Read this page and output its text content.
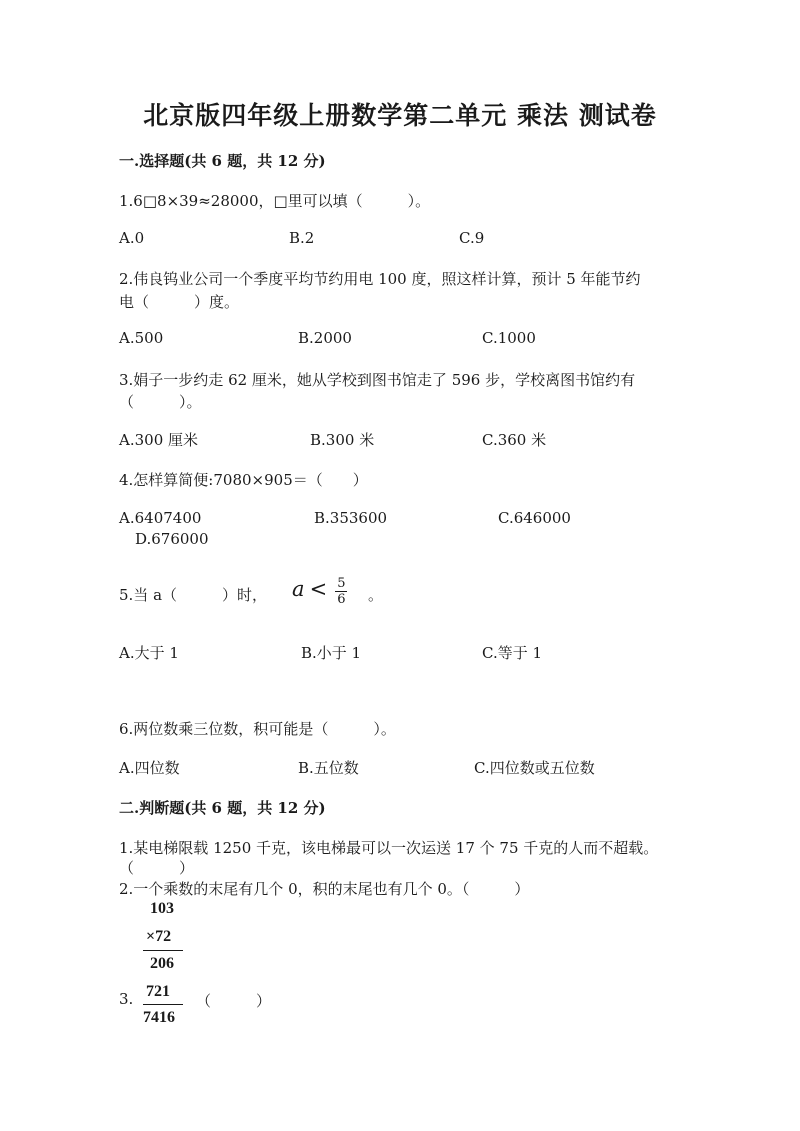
北京版四年级上册数学第二单元 乘法 测试卷
一.选择题(共 6 题，共 12 分)
1.6□8×39≈28000，□里可以填（　　　）。
A.0	B.2	C.9
2.伟良钨业公司一个季度平均节约用电 100 度，照这样计算，预计 5 年能节约
电（　　　）度。
A.500	B.2000	C.1000
3.娟子一步约走 62 厘米，她从学校到图书馆走了 596 步，学校离图书馆约有
（　　　）。
A.300 厘米	B.300 米	C.360 米
4.怎样算简便:7080×905＝（　　）
A.6407400	B.353600	C.646000
D.676000
5.当 a（　　　）时， $a < \frac{5}{6}$ 。
A.大于 1	B.小于 1	C.等于 1
6.两位数乘三位数，积可能是（　　　）。
A.四位数	B.五位数	C.四位数或五位数
二.判断题(共 6 题，共 12 分)
1.某电梯限载 1250 千克，该电梯最可以一次运送 17 个 75 千克的人而不超载。
（　　　）
2.一个乘数的末尾有几个 0，积的末尾也有几个 0。（　　　）
103
×72
206
3. 721
7416
（　　　）
